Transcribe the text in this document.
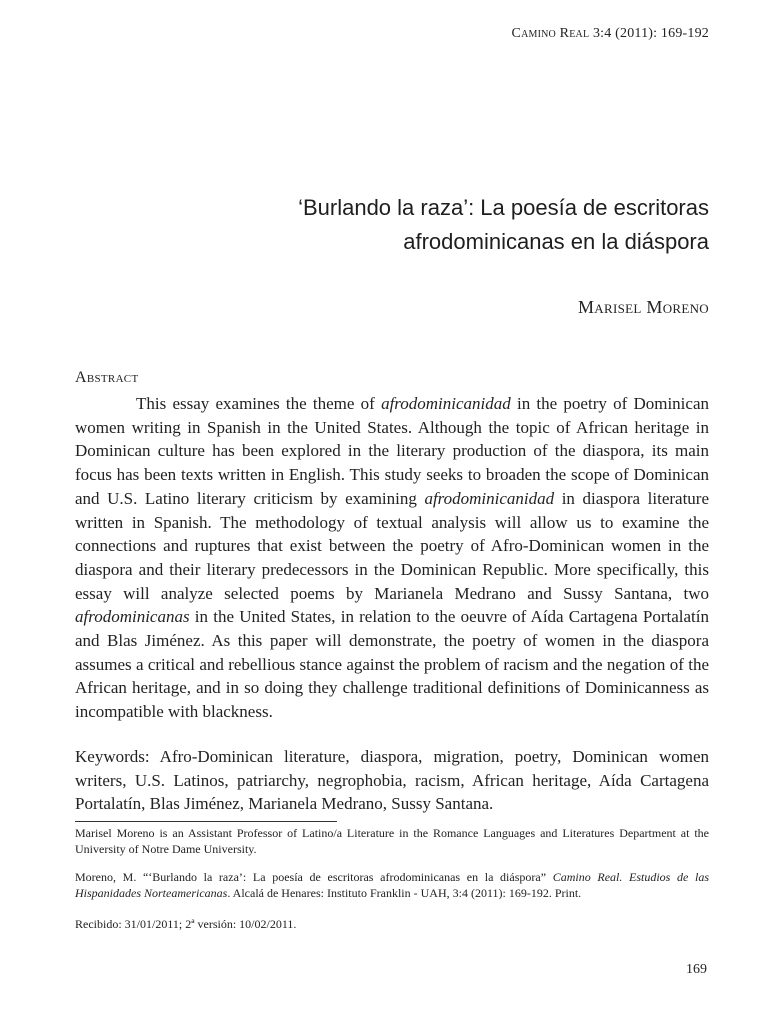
Camino Real 3:4 (2011): 169-192
‘Burlando la raza’: La poesía de escritoras
afrodominicanas en la diáspora
Marisel Moreno
Abstract

This essay examines the theme of afrodominicanidad in the poetry of Dominican women writing in Spanish in the United States. Although the topic of African heritage in Dominican culture has been explored in the literary production of the diaspora, its main focus has been texts written in English. This study seeks to broaden the scope of Dominican and U.S. Latino literary criticism by examining afrodominicanidad in diaspora literature written in Spanish. The methodology of textual analysis will allow us to examine the connections and ruptures that exist between the poetry of Afro-Dominican women in the diaspora and their literary predecessors in the Dominican Republic. More specifically, this essay will analyze selected poems by Marianela Medrano and Sussy Santana, two afrodominicanas in the United States, in relation to the oeuvre of Aída Cartagena Portalatín and Blas Jiménez. As this paper will demonstrate, the poetry of women in the diaspora assumes a critical and rebellious stance against the problem of racism and the negation of the African heritage, and in so doing they challenge traditional definitions of Dominicanness as incompatible with blackness.

Keywords: Afro-Dominican literature, diaspora, migration, poetry, Dominican women writers, U.S. Latinos, patriarchy, negrophobia, racism, African heritage, Aída Cartagena Portalatín, Blas Jiménez, Marianela Medrano, Sussy Santana.

Marisel Moreno is an Assistant Professor of Latino/a Literature in the Romance Languages and Literatures Department at the University of Notre Dame University.

Moreno, M. “‘Burlando la raza’: La poesía de escritoras afrodominicanas en la diáspora” Camino Real. Estudios de las Hispanidades Norteamericanas. Alcalá de Henares: Instituto Franklin - UAH, 3:4 (2011): 169-192. Print.

Recibido: 31/01/2011; 2ª versión: 10/02/2011.

169
